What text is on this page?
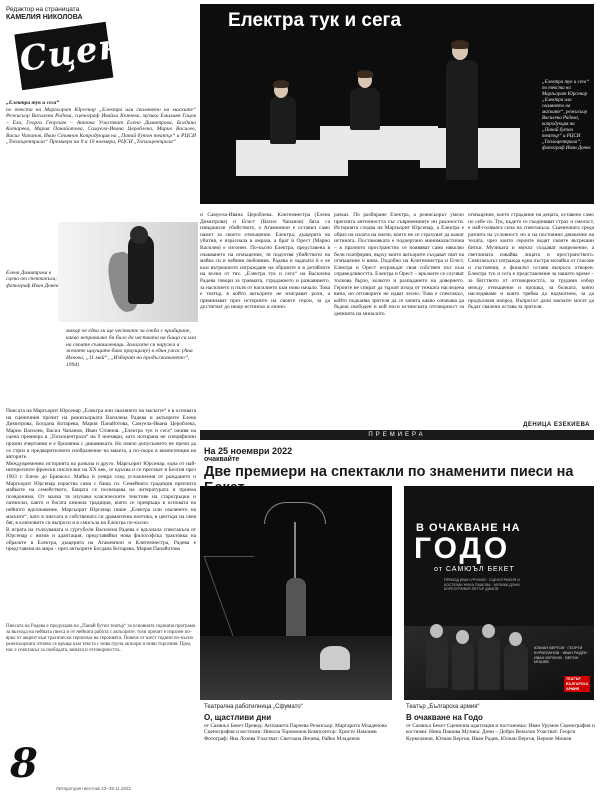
Редактор на страницата
КАМЕЛИЯ НИКОЛОВА
Сцена
„Електра тук и сега“
по текста на Маргьорит Юрсенар „Електра или свалянето на маските“ Режисьор Василена Радева, сценограф Ивайла Кънчева, музика Емилиян Гацов – Ели, Георги Георгиев – Антова Участват Елена Димитрова, Богдана Котарева, Мария Панайотова, Самуела-Ивана Цеpоблека, Марио Василев, Васил Чапанов, Иван Стоянов Копродукция на „Панай бутон театър“ и РЦСИ „Топлоцентрала“ Премиера на 9 и 10 ноември, РЦСИ „Топлоцентрала“
Елена Димитрова в сцена от спектакъла; фотограф Иван Донев
макар че едва ли ще чествате за ежба с прибиране, какво неправилно би било да чествата на баща си или на своите съмишленици. Залагате си наружа и жеанте щаущите бива приущил(е) в един ужас (Ана Илкова, „11 май“, „Изборат на продължаването“, 1994)

Пиесата на Маргьорит Юрсенар „Електра или свалянето на маските“ е в основата на сценичния прочит на режисьорката Василена Радева и актьорите Елена Димитрова, Богдана Котарева, Мария Панайотова, Самуела-Ивана Цеpоблека, Марио Василев, Васил Чапанов, Иван Стоянов. „Електра тук и сега“ оживя на сцена премиера в „Топлоцентрала“ на 9 ноември, като нотирана не специфични празни очертания и е брилянна с динамиката. Но паяло допускането не пречи да се стриз в предварителното изображение на макета, а по-скоро в компетенция на авторите.

Междувременно историята на разказа и друго. Маргьорит Юрсенар, една от най-интересните френски писателки на XX век, се вдъхва и се пресекат в Белгия през 1903 г. близо до Брюксел. Майка ѝ умира след усложнения от раждането и Маргьорит Юрсенар израства сама с баща си. Семейната традиция преплита майките на семейството, бащата се посвещава на литературата и приема псевдонима. От малка тя изучава класическите текстове на старогръцки и латински, както и богата книжна традиция, която се превръща в основата на нейното вдъхновение. Маргьорит Юрсенар пише „Електра или свалянето на маските“, като в пиесата в собствената си драматична поетика, в центъра на своя бяг, в ключовите си въпроси и в смисъла на Електра по-късно.

В играта на тълкуваната и сургуболи Василена Радева е вдъхнала спектакъла от Юрсенар с визия и адаптация, представяйки нова философска трактовка на образите в Електра, дъщерята на Агамемнон и Клитемнестра, Радева е представена на мира - през актьорите Богдана Котарева, Мария Панайотова

Пиесата на Радева е продукция на „Панай бутон театър“ за основната годишна програма за възхода на нейната пиеса и от нейната работа с актьорите; този прочит е изразен по-ярко от акцент към трагически героизъм на героинята. Повече от шест години по-късно режисьорката отново се връща към текста с нова група актьори и нови търсения. Пред нас е спектакъл за свободата, вината и отговорността.
8
Литературен вестник 23–29.11.2022
Електра тук и сега
„Електра тук и сега“ по текста на Маргьорит Юрсенар „Електра или свалянето на маските“, режисьор Василена Радева, копродукция на „Панай бутон театър“ и РЦСИ „Топлоцентрала“; фотограф Иван Донев

и Самуела-Ивана Цеpоблека. Клитемнестра (Елена Димитрова) и Егист (Васил Чапанов) бяха са извършили убийството, а Агамемнон е оставил само памет за своето отмъщение. Електра, дъщерята на убития, е израснала в омраза, а брат ѝ Орест (Марио Василев) е изгонен. По-късно Електра, представена в очакването на отмъщение, тя подготвя убийството на майка си и нейния любовник. Радева и задачата ѝ е че към вътрешното изграждане на образите и в детайлите на всеки от тях. „Електра тук и сега“ на Василена Радева говори за травмата, страданието и разкаянието, за насилието и пътя от насилието към ново начало. Това е театър, в който актьорите не изиграват роли, а преминават през историите на своите герои, за да достигнат до нещо истинско и лично.

разказ. По разбиране Електра, а режисьорът умело преплита античността със съвременните ни реалности. Историята следва на Маргьорит Юрсенар, а Електра е образ на силата на онези, които не се страхуват да кажат истината. Постановката е подчертано минималистична – в празното пространство се появяват само няколко бели платформи, върху които актьорите създават свят на отмъщение и вина. Подобно на Клитемнестра и Егист, Електра и Орест изграждат своя собствен път към справедливостта. Електра и Орест – връзките се случват толкова бързо, колкото и разпадането на доверието. Героите не спират да търсят изход от тежката наследена вина, но отговорите не идват лесно. Това е спектакъл, който подканва зрителя да се запита какво означава да бъдеш свободен и кой носи истинската отговорност за деянията на миналото.

отмъщение, което страдание на децата, оставено само по себе си. Тук, където се съединяват страх и смелост, е най-голямата сила на спектакъла. Сценичната среда разчита на условност, но и на постоянно движение на телата, чрез които героите водят своите вътрешни битки. Музиката и звукът създават напрежение, а светлината извайва лицата и пространството. Спектакълът изгражда една пъстра мозайка от гласове и състояния, а финалът оставя въпроса отворен. Електра тук и сега е представление за нашето време – за бягството от отговорността, за трудния избор между отмъщение и прошка, за болката, която наследяваме и която трябва да надмогнем, за да продължим напред. Въпросът дали маските могат да бъдат свалени остава за зрителя.

ДЕНИЦА ЕЗЕКИЕВА
ПРЕМИЕРА
На 25 ноември 2022
очаквайте
Две премиери на спектакли по знаменити пиеси на
В ОЧАКВАНЕ НА
ГОДО
от САМЮЪЛ БЕКЕТ
ПРЕВОД ИВАН УРУМОВ · СЦЕНОГРАФИЯ И КОСТЮМИ НИНА ПАШОВА · МУЗИКА ДОНИ · КОРЕОГРАФИЯ ПЕТЪР ДИМОВ
ЮЛИАН ВЕРГОВ · ГЕОРГИ КУРКЕЛАНОВ · ИВАН РАДЕВ · ИВАН ЮРУКОВ · ВЕРОН МОШЕВ
ТЕАТЪР БЪЛГАРСКА АРМИЯ
Театрална работилница „Сфумато“
О, щастливи дни
от Самюъл Бекет Превод: Антоанета Парчева Режисьор: Маргарита Младенова Сценография и костюми: Никола Торомонов Композитор: Христо Намлиев Фотограф: Яна Лозева Участват: Светлана Янчева, Райко Младенов
Театър „Българска армия“
В очакване на Годо
от Самюъл Бекет Сценична адаптация и постановка: Иван Урумов Сценография и костюми: Нина Пашова Музика: Дони – Добри Векилов Участват: Георги Куркеланов, Юлиан Вергов, Иван Радев, Юлиан Вергов, Вероне Мошев
